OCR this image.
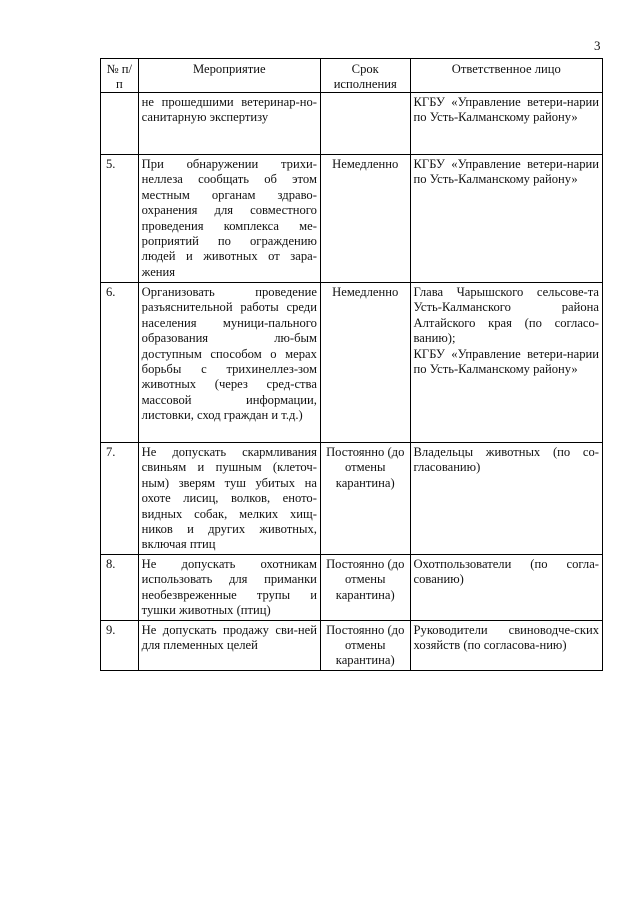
3
№ п/п	Мероприятие	Срок исполнения	Ответственное лицо
	не прошедшими ветеринар-но-санитарную экспертизу		КГБУ «Управление ветери-нарии по Усть-Калманскому району»

5.	При обнаружении трихи-неллеза сообщать об этом местным органам здраво-охранения для совместного проведения комплекса ме-роприятий по ограждению людей и животных от зара-жения	Немедленно	КГБУ «Управление ветери-нарии по Усть-Калманскому району»

6.	Организовать проведение разъяснительной работы среди населения муници-пального образования лю-бым доступным способом о мерах борьбы с трихинеллез-зом животных (через сред-ства массовой информации, листовки, сход граждан и т.д.)	Немедленно	Глава Чарышского сельсове-та Усть-Калманского района Алтайского края (по согласо-ванию);
КГБУ «Управление ветери-нарии по Усть-Калманскому району»

7.	Не допускать скармливания свиньям и пушным (клеточ-ным) зверям туш убитых на охоте лисиц, волков, еното-видных собак, мелких хищ-ников и других животных, включая птиц	Постоянно (до отмены карантина)	Владельцы животных (по со-гласованию)

8.	Не допускать охотникам использовать для приманки необезвреженные трупы и тушки животных (птиц)	Постоянно (до отмены карантина)	Охотпользователи (по согла-сованию)

9.	Не допускать продажу сви-ней для племенных целей	Постоянно (до отмены карантина)	Руководители свиноводче-ских хозяйств (по согласова-нию)
